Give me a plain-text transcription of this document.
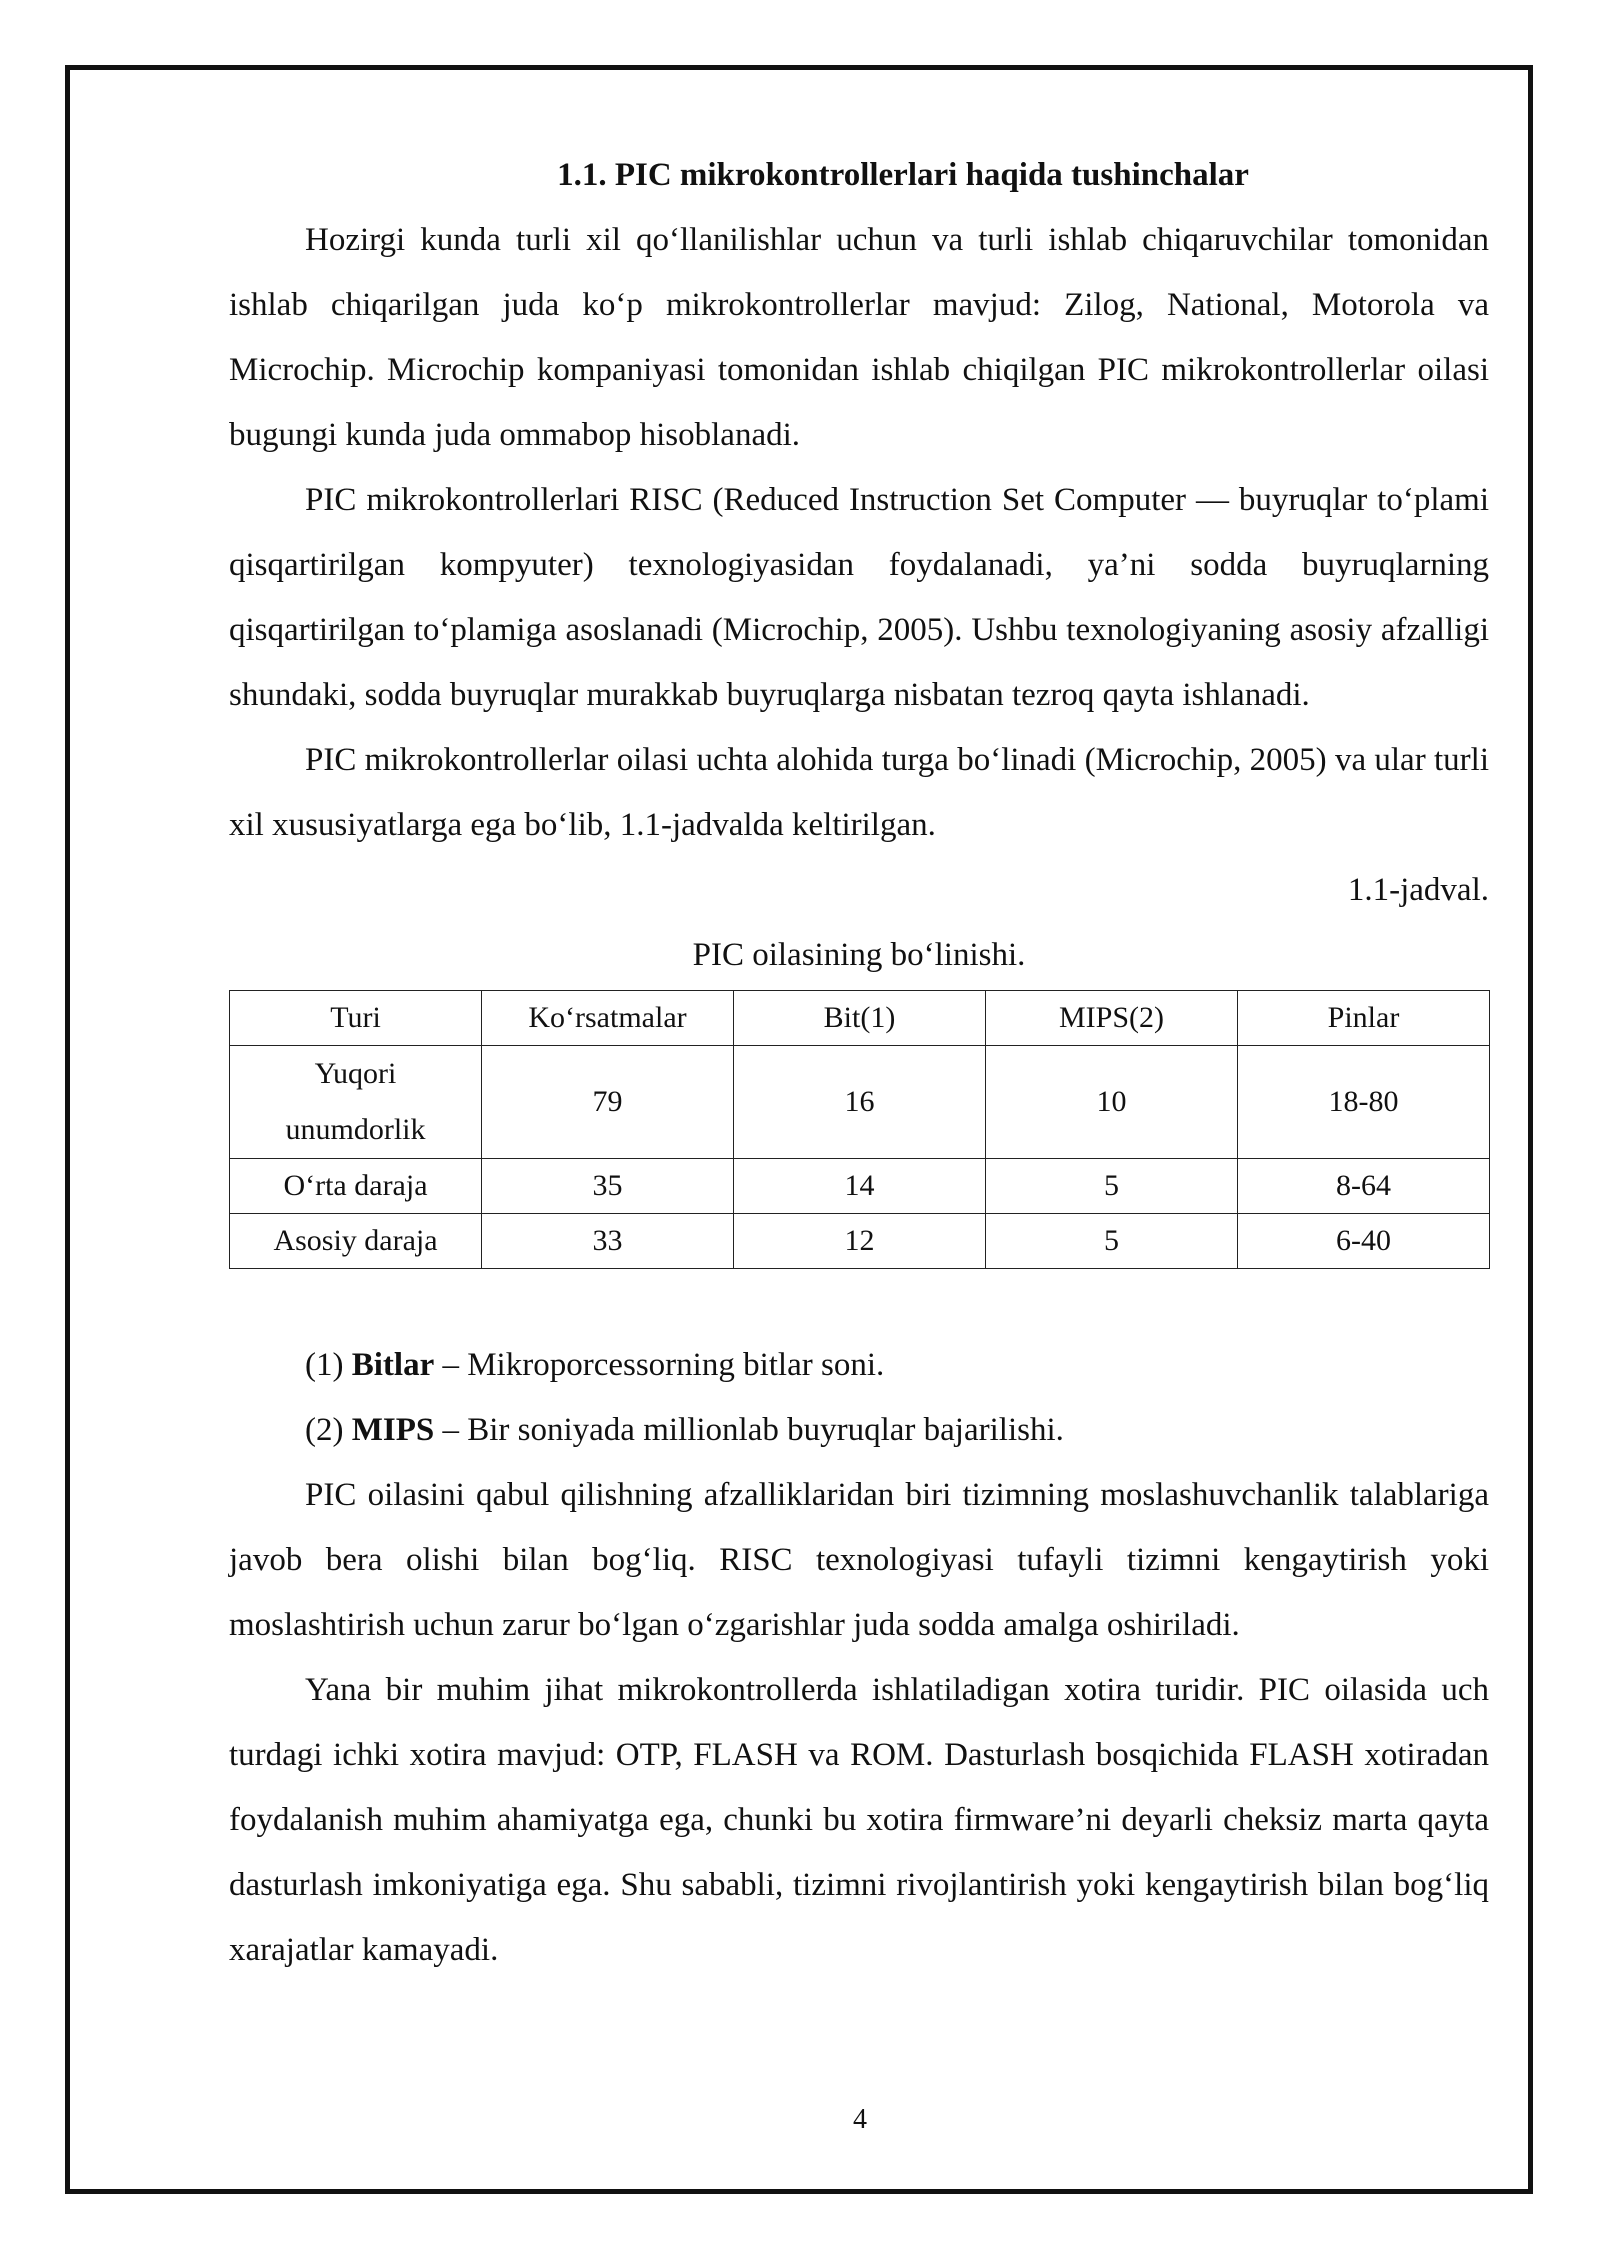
1.1. PIC mikrokontrollerlari haqida tushinchalar

Hozirgi kunda turli xil qo‘llanilishlar uchun va turli ishlab chiqaruvchilar tomonidan ishlab chiqarilgan juda ko‘p mikrokontrollerlar mavjud: Zilog, National, Motorola va Microchip. Microchip kompaniyasi tomonidan ishlab chiqilgan PIC mikrokontrollerlar oilasi bugungi kunda juda ommabop hisoblanadi.

PIC mikrokontrollerlari RISC (Reduced Instruction Set Computer — buyruqlar to‘plami qisqartirilgan kompyuter) texnologiyasidan foydalanadi, ya’ni sodda buyruqlarning qisqartirilgan to‘plamiga asoslanadi (Microchip, 2005). Ushbu texnologiyaning asosiy afzalligi shundaki, sodda buyruqlar murakkab buyruqlarga nisbatan tezroq qayta ishlanadi.

PIC mikrokontrollerlar oilasi uchta alohida turga bo‘linadi (Microchip, 2005) va ular turli xil xususiyatlarga ega bo‘lib, 1.1-jadvalda keltirilgan.

1.1-jadval.

PIC oilasining bo‘linishi.

Turi	Ko‘rsatmalar	Bit(1)	MIPS(2)	Pinlar
Yuqori unumdorlik	79	16	10	18-80
O‘rta daraja	35	14	5	8-64
Asosiy daraja	33	12	5	6-40

(1) Bitlar – Mikroporcessorning bitlar soni.

(2) MIPS – Bir soniyada millionlab buyruqlar bajarilishi.

PIC oilasini qabul qilishning afzalliklaridan biri tizimning moslashuvchanlik talablariga javob bera olishi bilan bog‘liq. RISC texnologiyasi tufayli tizimni kengaytirish yoki moslashtirish uchun zarur bo‘lgan o‘zgarishlar juda sodda amalga oshiriladi.

Yana bir muhim jihat mikrokontrollerda ishlatiladigan xotira turidir. PIC oilasida uch turdagi ichki xotira mavjud: OTP, FLASH va ROM. Dasturlash bosqichida FLASH xotiradan foydalanish muhim ahamiyatga ega, chunki bu xotira firmware’ni deyarli cheksiz marta qayta dasturlash imkoniyatiga ega. Shu sababli, tizimni rivojlantirish yoki kengaytirish bilan bog‘liq xarajatlar kamayadi.

4
